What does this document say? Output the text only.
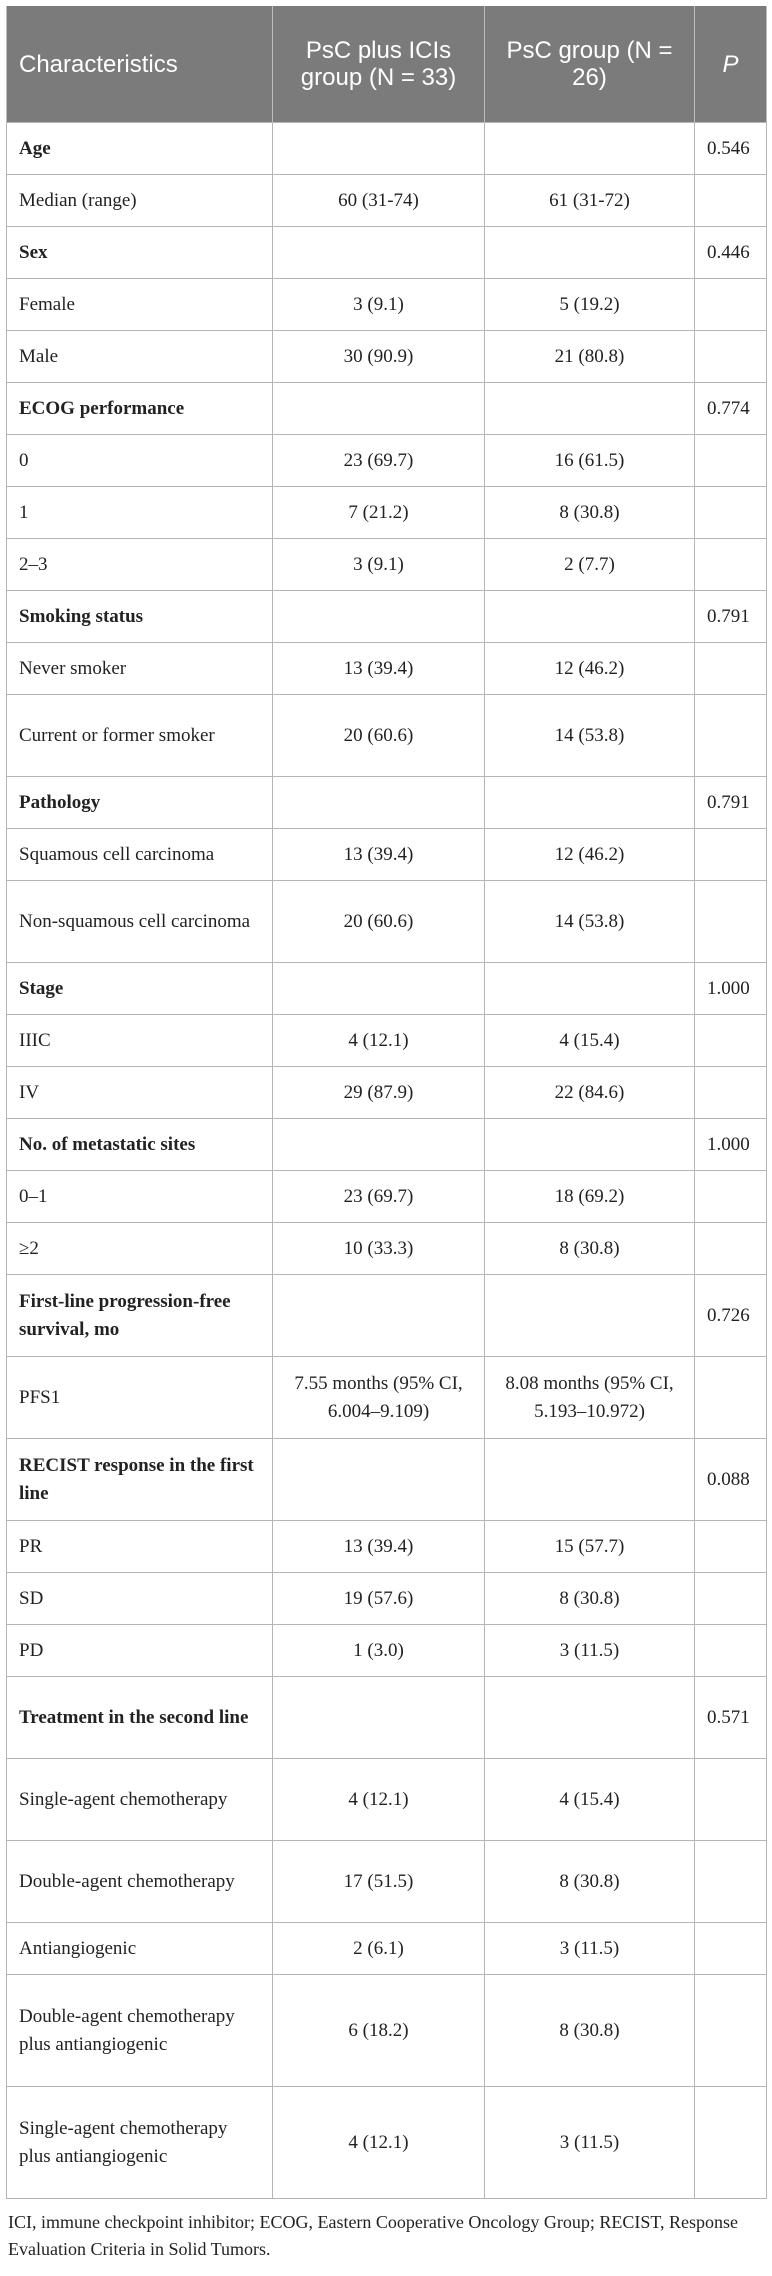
Characteristics	PsC plus ICIs group (N = 33)	PsC group (N = 26)	P
Age			0.546
Median (range)	60 (31-74)	61 (31-72)	
Sex			0.446
Female	3 (9.1)	5 (19.2)	
Male	30 (90.9)	21 (80.8)	
ECOG performance			0.774
0	23 (69.7)	16 (61.5)	
1	7 (21.2)	8 (30.8)	
2–3	3 (9.1)	2 (7.7)	
Smoking status			0.791
Never smoker	13 (39.4)	12 (46.2)	
Current or former smoker	20 (60.6)	14 (53.8)	
Pathology			0.791
Squamous cell carcinoma	13 (39.4)	12 (46.2)	
Non-squamous cell carcinoma	20 (60.6)	14 (53.8)	
Stage			1.000
IIIC	4 (12.1)	4 (15.4)	
IV	29 (87.9)	22 (84.6)	
No. of metastatic sites			1.000
0–1	23 (69.7)	18 (69.2)	
≥2	10 (33.3)	8 (30.8)	
First-line progression-free survival, mo			0.726
PFS1	7.55 months (95% CI, 6.004–9.109)	8.08 months (95% CI, 5.193–10.972)	
RECIST response in the first line			0.088
PR	13 (39.4)	15 (57.7)	
SD	19 (57.6)	8 (30.8)	
PD	1 (3.0)	3 (11.5)	
Treatment in the second line			0.571
Single-agent chemotherapy	4 (12.1)	4 (15.4)	
Double-agent chemotherapy	17 (51.5)	8 (30.8)	
Antiangiogenic	2 (6.1)	3 (11.5)	
Double-agent chemotherapy plus antiangiogenic	6 (18.2)	8 (30.8)	
Single-agent chemotherapy plus antiangiogenic	4 (12.1)	3 (11.5)	
ICI, immune checkpoint inhibitor; ECOG, Eastern Cooperative Oncology Group; RECIST, Response Evaluation Criteria in Solid Tumors.
